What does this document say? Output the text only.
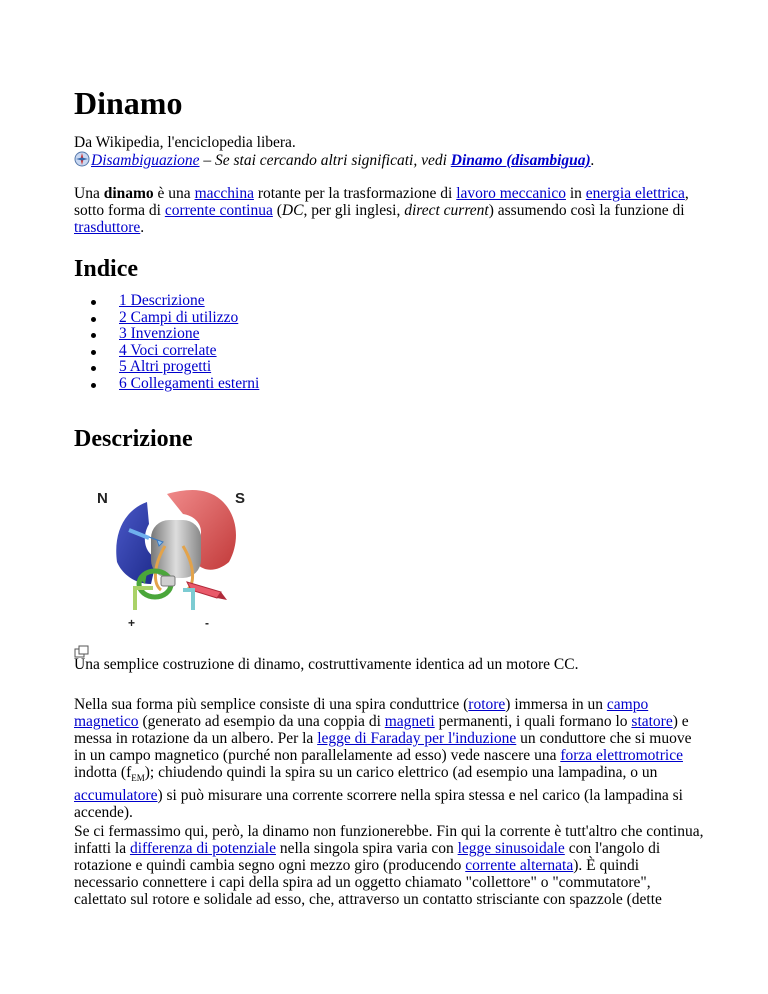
Dinamo
Da Wikipedia, l'enciclopedia libera.
Disambiguazione – Se stai cercando altri significati, vedi Dinamo (disambigua).

Una dinamo è una macchina rotante per la trasformazione di lavoro meccanico in energia elettrica, sotto forma di corrente continua (DC, per gli inglesi, direct current) assumendo così la funzione di trasduttore.

Indice
1 Descrizione
2 Campi di utilizzo
3 Invenzione
4 Voci correlate
5 Altri progetti
6 Collegamenti esterni
Descrizione
N	S
+	-
Una semplice costruzione di dinamo, costruttivamente identica ad un motore CC.

Nella sua forma più semplice consiste di una spira conduttrice (rotore) immersa in un campo magnetico (generato ad esempio da una coppia di magneti permanenti, i quali formano lo statore) e messa in rotazione da un albero. Per la legge di Faraday per l'induzione un conduttore che si muove in un campo magnetico (purché non parallelamente ad esso) vede nascere una forza elettromotrice indotta $(f_{EM})$; chiudendo quindi la spira su un carico elettrico (ad esempio una lampadina, o un accumulatore) si può misurare una corrente scorrere nella spira stessa e nel carico (la lampadina si accende).

Se ci fermassimo qui, però, la dinamo non funzionerebbe. Fin qui la corrente è tutt'altro che continua, infatti la differenza di potenziale nella singola spira varia con legge sinusoidale con l'angolo di rotazione e quindi cambia segno ogni mezzo giro (producendo corrente alternata). È quindi necessario connettere i capi della spira ad un oggetto chiamato "collettore" o "commutatore", calettato sul rotore e solidale ad esso, che, attraverso un contatto strisciante con spazzole (dette
